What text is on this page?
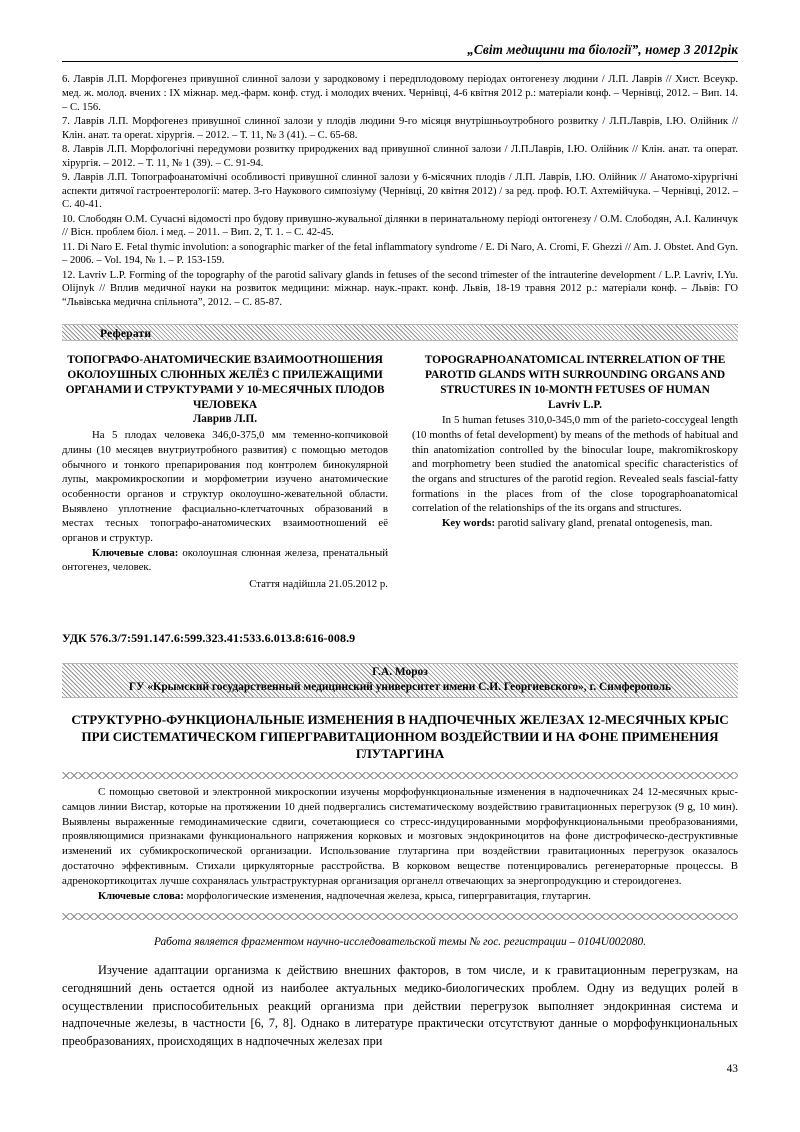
„Світ медицини та біології”, номер 3 2012рік

6. Лаврів Л.П. Морфогенез привушної слинної залози у зародковому і передплодовому періодах онтогенезу людини / Л.П. Лаврів // Хист. Всеукр. мед. ж. молод. вчених : IX міжнар. мед.-фарм. конф. студ. і молодих вчених. Чернівці, 4-6 квітня 2012 р.: матеріали конф. – Чернівці, 2012. – Вип. 14. – С. 156.

7. Лаврів Л.П. Морфогенез привушної слинної залози у плодів людини 9-го місяця внутрішньоутробного розвитку / Л.П.Лаврів, І.Ю. Олійник // Клін. анат. та operat. хірургія. – 2012. – Т. 11, № 3 (41). – С. 65-68.

8. Лаврів Л.П. Морфологічні передумови розвитку природжених вад привушної слинної залози / Л.П.Лаврів, І.Ю. Олійник // Клін. анат. та операт. хірургія. – 2012. – Т. 11, № 1 (39). – С. 91-94.

9. Лаврів Л.П. Топографоанатомічні особливості привушної слинної залози у 6-місячних плодів / Л.П. Лаврів, І.Ю. Олійник // Анатомо-хірургічні аспекти дитячої гастроентерології: матер. 3-го Наукового симпозіуму (Чернівці, 20 квітня 2012) / за ред. проф. Ю.Т. Ахтемійчука. – Чернівці, 2012. – С. 40-41.

10. Слободян О.М. Сучасні відомості про будову привушно-жувальної ділянки в перинатальному періоді онтогенезу / О.М. Слободян, А.І. Калинчук // Вісн. проблем біол. і мед. – 2011. – Вип. 2, Т. 1. – С. 42-45.

11. Di Naro E. Fetal thymic involution: a sonographic marker of the fetal inflammatory syndrome / E. Di Naro, A. Cromi, F. Ghezzi // Am. J. Obstet. And Gyn. – 2006. – Vol. 194, № 1. – P. 153-159.

12. Lavriv L.P. Forming of the topography of the parotid salivary glands in fetuses of the second trimester of the intrauterine development / L.P. Lavriv, I.Yu. Olijnyk // Вплив медичної науки на розвиток медицини: міжнар. наук.-практ. конф. Львів, 18-19 травня 2012 р.: матеріали конф. – Львів: ГО “Львівська медична спільнота”, 2012. – С. 85-87.

Реферати
ТОПОГРАФО-АНАТОМИЧЕСКИЕ ВЗАИМООТНОШЕНИЯ ОКОЛОУШНЫХ СЛЮННЫХ ЖЕЛЁЗ С ПРИЛЕЖАЩИМИ ОРГАНАМИ И СТРУКТУРАМИ У 10-МЕСЯЧНЫХ ПЛОДОВ ЧЕЛОВЕКА
Лаврив Л.П.
На 5 плодах человека 346,0-375,0 мм теменно-копчиковой длины (10 месяцев внутриутробного развития) с помощью методов обычного и тонкого препарирования под контролем бинокулярной лупы, макромикроскопии и морфометрии изучено анатомические особенности органов и структур околоушно-жевательной области. Выявлено уплотнение фасциально-клетчаточных образований в местах тесных топографо-анатомических взаимоотношений её органов и структур.
Ключевые слова: околоушная слюнная железа, пренатальный онтогенез, человек.
Стаття надійшла 21.05.2012 р.
TOPOGRAPHOANATOMICAL INTERRELATION OF THE PAROTID GLANDS WITH SURROUNDING ORGANS AND STRUCTURES IN 10-MONTH FETUSES OF HUMAN
Lavriv L.P.
In 5 human fetuses 310,0-345,0 mm of the parieto-coccygeal length (10 months of fetal development) by means of the methods of habitual and thin anatomization controlled by the binocular loupe, makromikroskopy and morphometry been studied the anatomical specific characteristics of the organs and structures of the parotid region. Revealed seals fascial-fatty formations in the places from of the close topographoanatomical correlation of the relationships of the its organs and structures.
Key words: parotid salivary gland, prenatal ontogenesis, man.
УДК 576.3/7:591.147.6:599.323.41:533.6.013.8:616-008.9
Г.А. Мороз
ГУ «Крымский государственный медицинский университет имени С.И. Георгиевского», г. Симферополь
СТРУКТУРНО-ФУНКЦИОНАЛЬНЫЕ ИЗМЕНЕНИЯ В НАДПОЧЕЧНЫХ ЖЕЛЕЗАХ 12-МЕСЯЧНЫХ КРЫС ПРИ СИСТЕМАТИЧЕСКОМ ГИПЕРГРАВИТАЦИОННОМ ВОЗДЕЙСТВИИ И НА ФОНЕ ПРИМЕНЕНИЯ ГЛУТАРГИНА
С помощью световой и электронной микроскопии изучены морфофункциональные изменения в надпочечниках 24 12-месячных крыс-самцов линии Вистар, которые на протяжении 10 дней подвергались систематическому воздействию гравитационных перегрузок (9 g, 10 мин). Выявлены выраженные гемодинамические сдвиги, сочетающиеся со стресс-индуцированными морфофункциональными преобразованиями, проявляющимися признаками функционального напряжения корковых и мозговых эндокриноцитов на фоне дистрофическо-деструктивные изменений их субмикроскопической организации. Использование глутаргина при воздействии гравитационных перегрузок оказалось достаточно эффективным. Стихали циркуляторные расстройства. В корковом веществе потенцировались регенераторные процессы. В адренокортикоцитах лучше сохранялась ультраструктурная организация органелл отвечающих за энергопродукцию и стероидогенез.
Ключевые слова: морфологические изменения, надпочечная железа, крыса, гипергравитация, глутаргин.
Работа является фрагментом научно-исследовательской темы № гос. регистрации – 0104U002080.
Изучение адаптации организма к действию внешних факторов, в том числе, и к гравитационным перегрузкам, на сегодняшний день остается одной из наиболее актуальных медико-биологических проблем. Одну из ведущих ролей в осуществлении приспособительных реакций организма при действии перегрузок выполняет эндокринная система и надпочечные железы, в частности [6, 7, 8]. Однако в литературе практически отсутствуют данные о морфофункциональных преобразованиях, происходящих в надпочечных железах при
43
